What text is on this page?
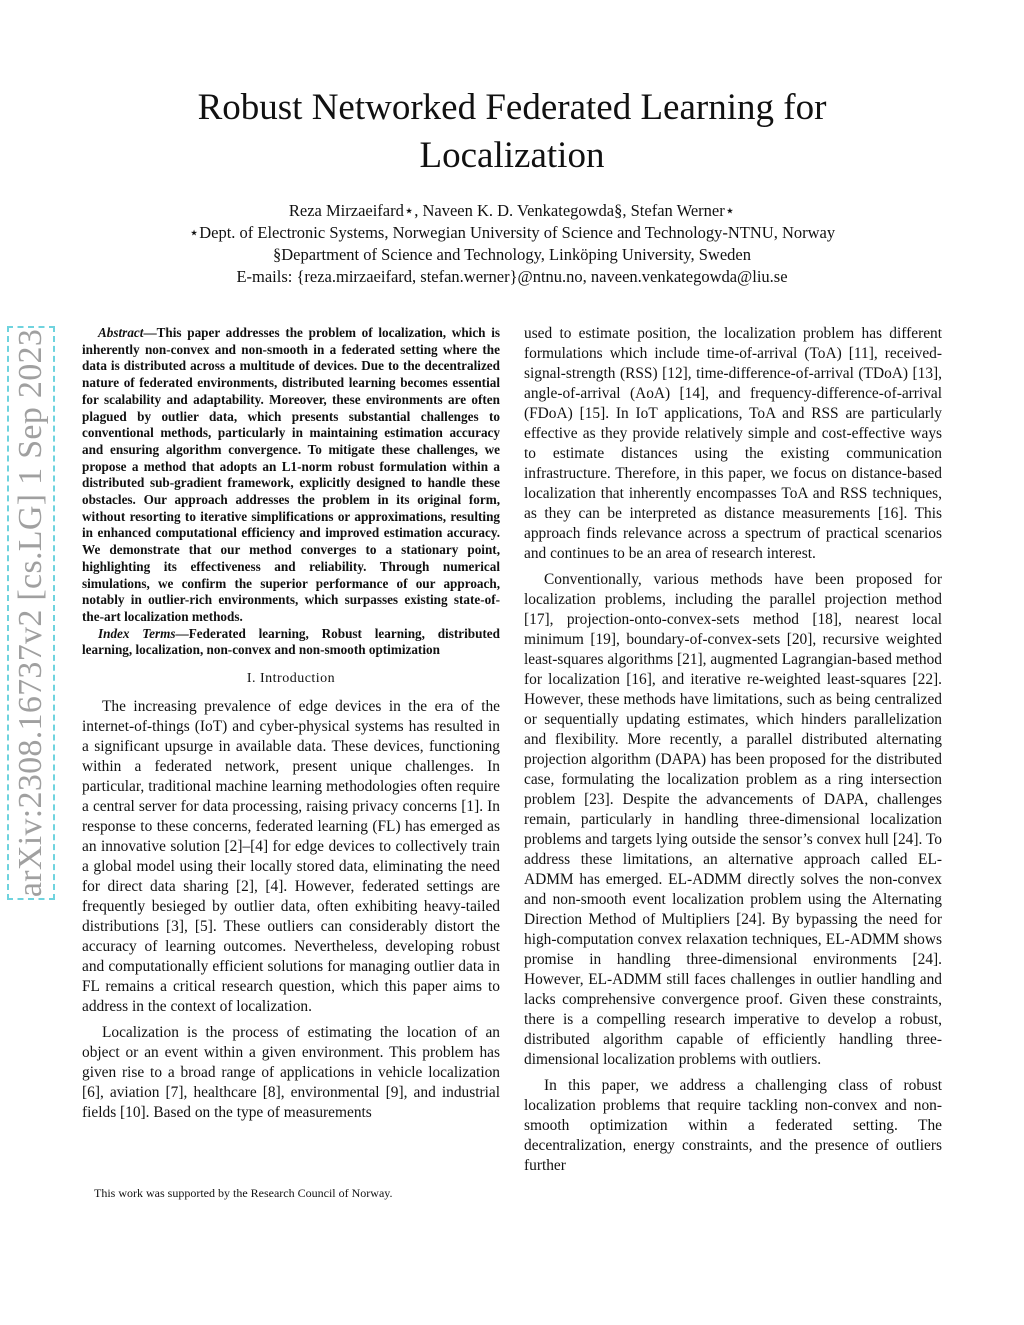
Robust Networked Federated Learning for
Localization
Reza Mirzaeifard⋆, Naveen K. D. Venkategowda§, Stefan Werner⋆
⋆Dept. of Electronic Systems, Norwegian University of Science and Technology-NTNU, Norway
§Department of Science and Technology, Linköping University, Sweden
E-mails: {reza.mirzaeifard, stefan.werner}@ntnu.no, naveen.venkategowda@liu.se
arXiv:2308.16737v2 [cs.LG] 1 Sep 2023	Abstract—This paper addresses the problem of localization, which is inherently non-convex and non-smooth in a federated setting where the data is distributed across a multitude of devices. Due to the decentralized nature of federated environments, distributed learning becomes essential for scalability and adaptability. Moreover, these environments are often plagued by outlier data, which presents substantial challenges to conventional methods, particularly in maintaining estimation accuracy and ensuring algorithm convergence. To mitigate these challenges, we propose a method that adopts an L1-norm robust formulation within a distributed sub-gradient framework, explicitly designed to handle these obstacles. Our approach addresses the problem in its original form, without resorting to iterative simplifications or approximations, resulting in enhanced computational efficiency and improved estimation accuracy. We demonstrate that our method converges to a stationary point, highlighting its effectiveness and reliability. Through numerical simulations, we confirm the superior performance of our approach, notably in outlier-rich environments, which surpasses existing state-of-the-art localization methods.

Index Terms—Federated learning, Robust learning, distributed learning, localization, non-convex and non-smooth optimization

I. Introduction

The increasing prevalence of edge devices in the era of the internet-of-things (IoT) and cyber-physical systems has resulted in a significant upsurge in available data. These devices, functioning within a federated network, present unique challenges. In particular, traditional machine learning methodologies often require a central server for data processing, raising privacy concerns [1]. In response to these concerns, federated learning (FL) has emerged as an innovative solution [2]–[4] for edge devices to collectively train a global model using their locally stored data, eliminating the need for direct data sharing [2], [4]. However, federated settings are frequently besieged by outlier data, often exhibiting heavy-tailed distributions [3], [5]. These outliers can considerably distort the accuracy of learning outcomes. Nevertheless, developing robust and computationally efficient solutions for managing outlier data in FL remains a critical research question, which this paper aims to address in the context of localization.

Localization is the process of estimating the location of an object or an event within a given environment. This problem has given rise to a broad range of applications in vehicle localization [6], aviation [7], healthcare [8], environmental [9], and industrial fields [10]. Based on the type of measurements

This work was supported by the Research Council of Norway.

used to estimate position, the localization problem has different formulations which include time-of-arrival (ToA) [11], received-signal-strength (RSS) [12], time-difference-of-arrival (TDoA) [13], angle-of-arrival (AoA) [14], and frequency-difference-of-arrival (FDoA) [15]. In IoT applications, ToA and RSS are particularly effective as they provide relatively simple and cost-effective ways to estimate distances using the existing communication infrastructure. Therefore, in this paper, we focus on distance-based localization that inherently encompasses ToA and RSS techniques, as they can be interpreted as distance measurements [16]. This approach finds relevance across a spectrum of practical scenarios and continues to be an area of research interest.

Conventionally, various methods have been proposed for localization problems, including the parallel projection method [17], projection-onto-convex-sets method [18], nearest local minimum [19], boundary-of-convex-sets [20], recursive weighted least-squares algorithms [21], augmented Lagrangian-based method for localization [16], and iterative re-weighted least-squares [22]. However, these methods have limitations, such as being centralized or sequentially updating estimates, which hinders parallelization and flexibility. More recently, a parallel distributed alternating projection algorithm (DAPA) has been proposed for the distributed case, formulating the localization problem as a ring intersection problem [23]. Despite the advancements of DAPA, challenges remain, particularly in handling three-dimensional localization problems and targets lying outside the sensor’s convex hull [24]. To address these limitations, an alternative approach called EL-ADMM has emerged. EL-ADMM directly solves the non-convex and non-smooth event localization problem using the Alternating Direction Method of Multipliers [24]. By bypassing the need for high-computation convex relaxation techniques, EL-ADMM shows promise in handling three-dimensional environments [24]. However, EL-ADMM still faces challenges in outlier handling and lacks comprehensive convergence proof. Given these constraints, there is a compelling research imperative to develop a robust, distributed algorithm capable of efficiently handling three-dimensional localization problems with outliers.

In this paper, we address a challenging class of robust localization problems that require tackling non-convex and non-smooth optimization within a federated setting. The decentralization, energy constraints, and the presence of outliers further
